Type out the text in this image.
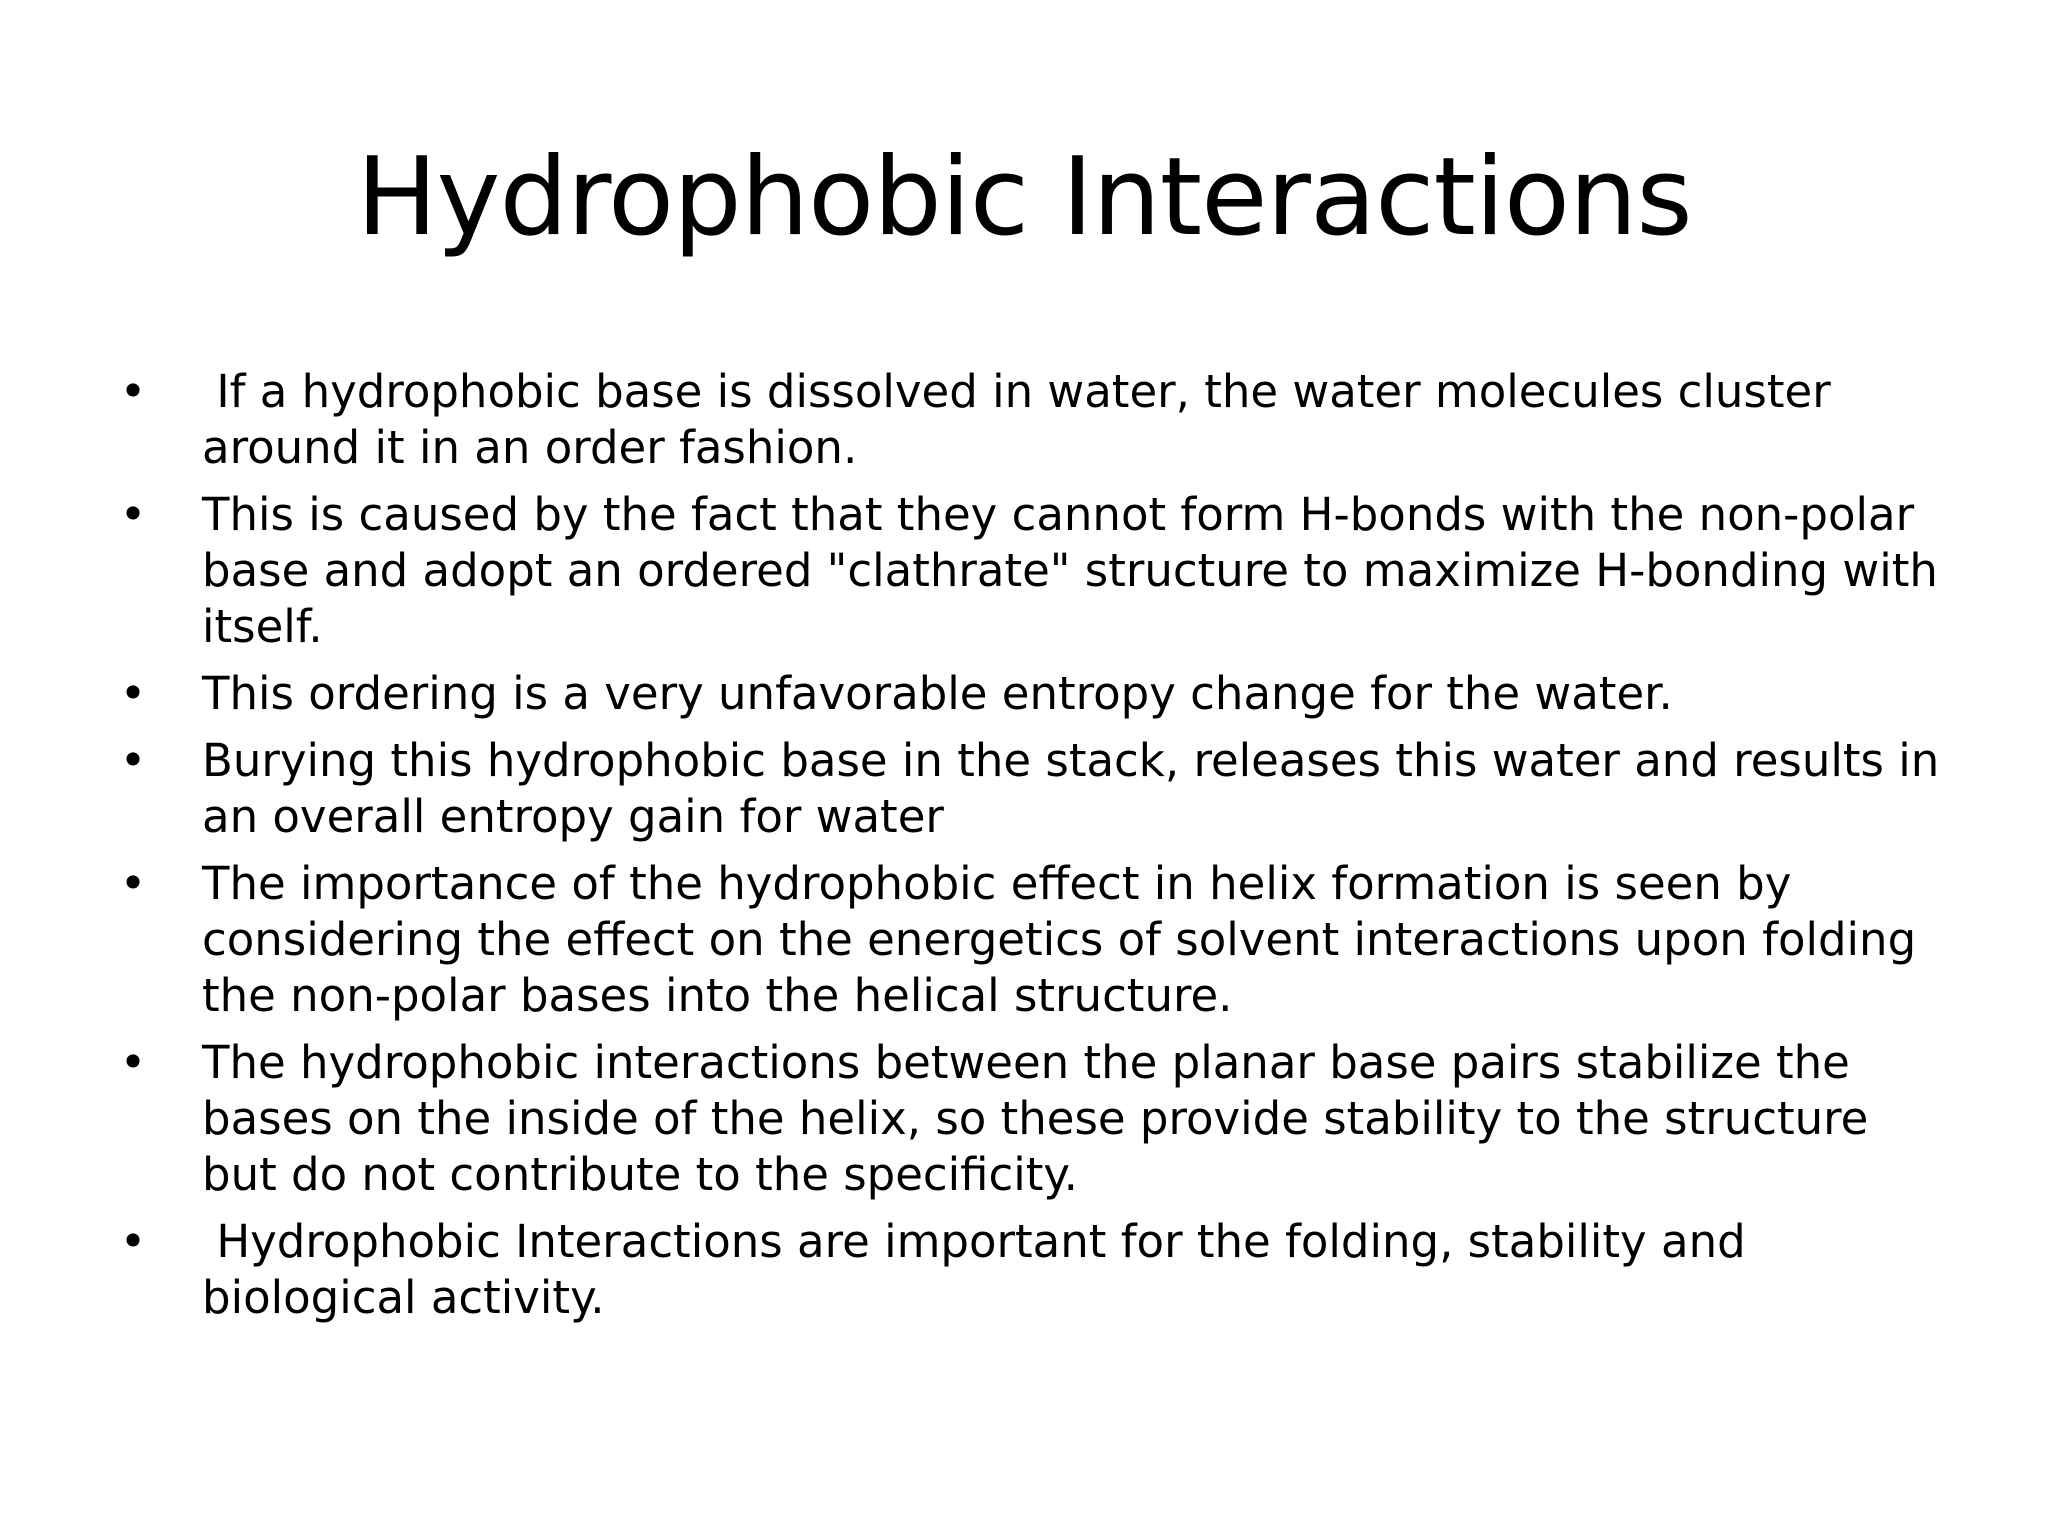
Hydrophobic Interactions
• If a hydrophobic base is dissolved in water, the water molecules cluster around it in an order fashion.
• This is caused by the fact that they cannot form H-bonds with the non-polar base and adopt an ordered "clathrate" structure to maximize H-bonding with itself.
• This ordering is a very unfavorable entropy change for the water.
• Burying this hydrophobic base in the stack, releases this water and results in an overall entropy gain for water
• The importance of the hydrophobic effect in helix formation is seen by considering the effect on the energetics of solvent interactions upon folding the non-polar bases into the helical structure.
• The hydrophobic interactions between the planar base pairs stabilize the bases on the inside of the helix, so these provide stability to the structure but do not contribute to the specificity.
• Hydrophobic Interactions are important for the folding, stability and biological activity.
